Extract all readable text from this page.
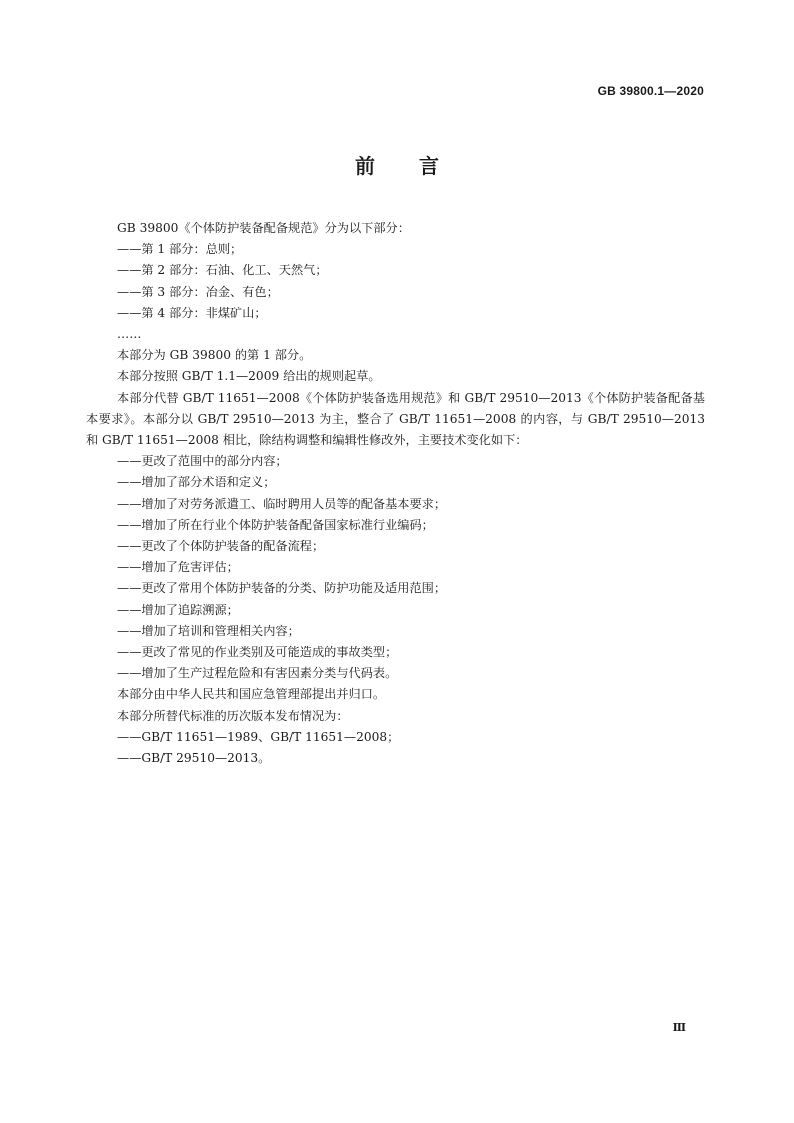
GB 39800.1—2020
前言

GB 39800《个体防护装备配备规范》分为以下部分：

——第 1 部分：总则；

——第 2 部分：石油、化工、天然气；

——第 3 部分：冶金、有色；

——第 4 部分：非煤矿山；

……

本部分为 GB 39800 的第 1 部分。

本部分按照 GB/T 1.1—2009 给出的规则起草。

本部分代替 GB/T 11651—2008《个体防护装备选用规范》和 GB/T 29510—2013《个体防护装备配备基本要求》。本部分以 GB/T 29510—2013 为主，整合了 GB/T 11651—2008 的内容，与 GB/T 29510—2013 和 GB/T 11651—2008 相比，除结构调整和编辑性修改外，主要技术变化如下：

——更改了范围中的部分内容；

——增加了部分术语和定义；

——增加了对劳务派遣工、临时聘用人员等的配备基本要求；

——增加了所在行业个体防护装备配备国家标准行业编码；

——更改了个体防护装备的配备流程；

——增加了危害评估；

——更改了常用个体防护装备的分类、防护功能及适用范围；

——增加了追踪溯源；

——增加了培训和管理相关内容；

——更改了常见的作业类别及可能造成的事故类型；

——增加了生产过程危险和有害因素分类与代码表。

本部分由中华人民共和国应急管理部提出并归口。

本部分所替代标准的历次版本发布情况为：

——GB/T 11651—1989、GB/T 11651—2008；

——GB/T 29510—2013。

Ⅲ
